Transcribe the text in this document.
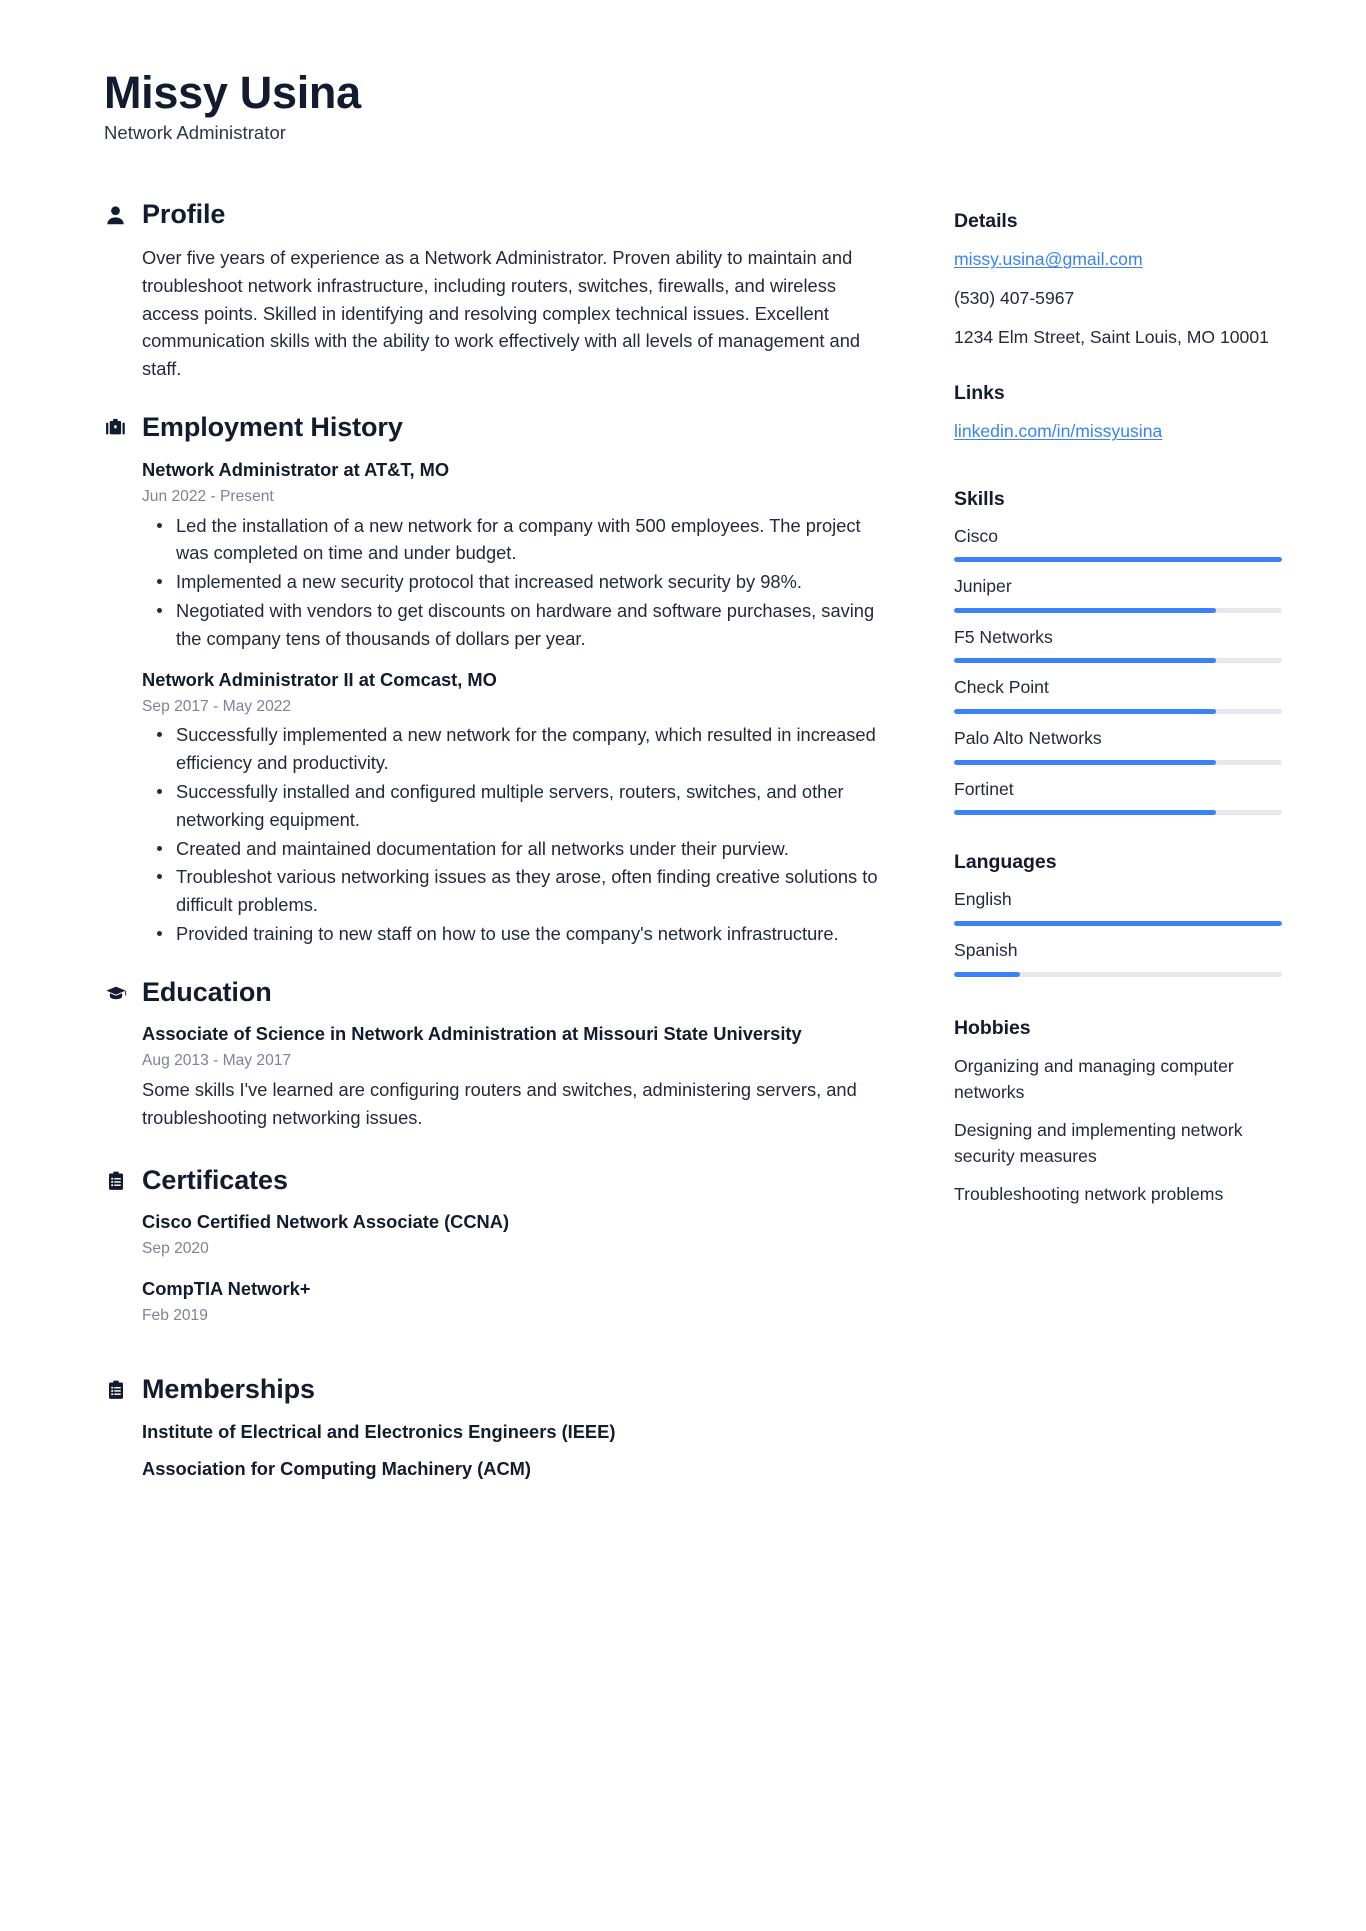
Missy Usina
Network Administrator
Profile

Over five years of experience as a Network Administrator. Proven ability to maintain and troubleshoot network infrastructure, including routers, switches, firewalls, and wireless access points. Skilled in identifying and resolving complex technical issues. Excellent communication skills with the ability to work effectively with all levels of management and staff.

Employment History
Network Administrator at AT&T, MO
Jun 2022 - Present
Led the installation of a new network for a company with 500 employees. The project was completed on time and under budget.
Implemented a new security protocol that increased network security by 98%.
Negotiated with vendors to get discounts on hardware and software purchases, saving the company tens of thousands of dollars per year.
Network Administrator II at Comcast, MO
Sep 2017 - May 2022
Successfully implemented a new network for the company, which resulted in increased efficiency and productivity.
Successfully installed and configured multiple servers, routers, switches, and other networking equipment.
Created and maintained documentation for all networks under their purview.
Troubleshot various networking issues as they arose, often finding creative solutions to difficult problems.
Provided training to new staff on how to use the company's network infrastructure.
Education
Associate of Science in Network Administration at Missouri State University
Aug 2013 - May 2017
Some skills I've learned are configuring routers and switches, administering servers, and troubleshooting networking issues.
Certificates
Cisco Certified Network Associate (CCNA)
Sep 2020
CompTIA Network+
Feb 2019
Memberships
Institute of Electrical and Electronics Engineers (IEEE)
Association for Computing Machinery (ACM)
Details
missy.usina@gmail.com
(530) 407-5967
1234 Elm Street, Saint Louis, MO 10001
Links
linkedin.com/in/missyusina
Skills
Cisco
Juniper
F5 Networks
Check Point
Palo Alto Networks
Fortinet
Languages
English
Spanish
Hobbies
Organizing and managing computer networks
Designing and implementing network security measures
Troubleshooting network problems
